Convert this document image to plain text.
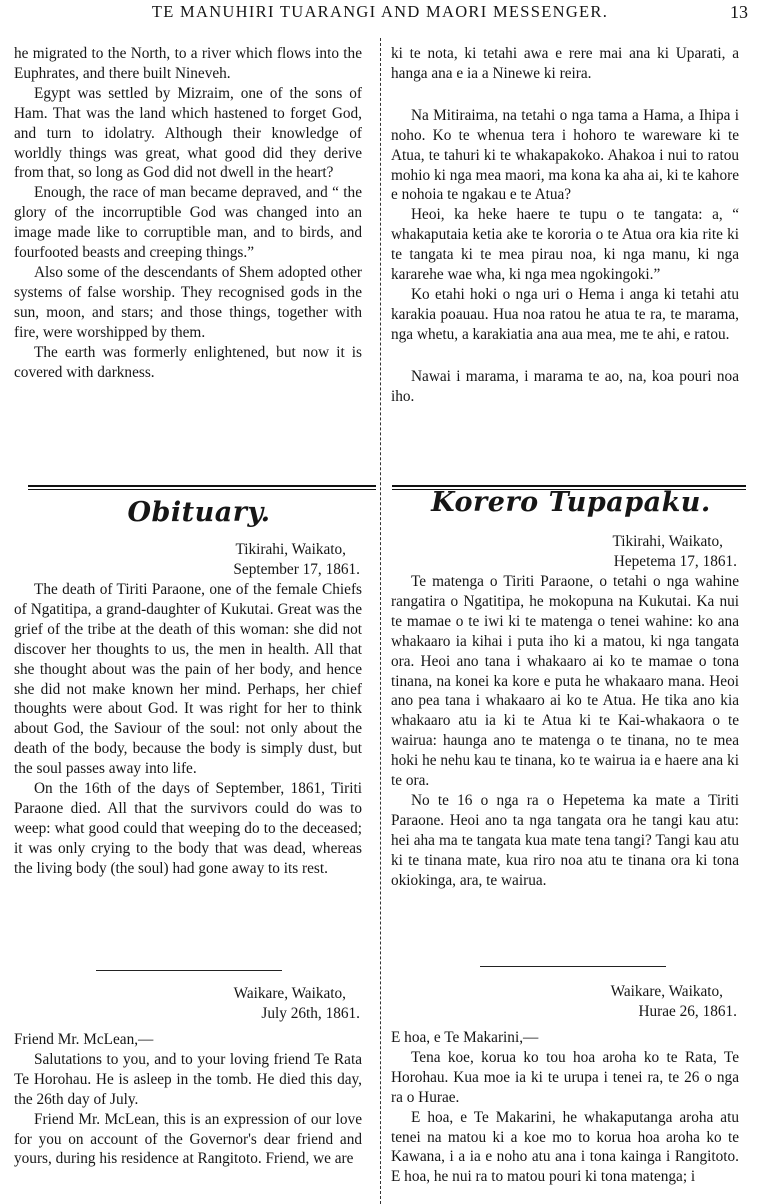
TE MANUHIRI TUARANGI AND MAORI MESSENGER.	13

he migrated to the North, to a river which flows into the Euphrates, and there built Nineveh.

Egypt was settled by Mizraim, one of the sons of Ham. That was the land which hastened to forget God, and turn to idolatry. Although their knowledge of worldly things was great, what good did they derive from that, so long as God did not dwell in the heart?

Enough, the race of man became depraved, and “ the glory of the incorruptible God was changed into an image made like to corruptible man, and to birds, and fourfooted beasts and creeping things.”

Also some of the descendants of Shem adopted other systems of false worship. They recognised gods in the sun, moon, and stars; and those things, together with fire, were worshipped by them.

The earth was formerly enlightened, but now it is covered with darkness.

ki te nota, ki tetahi awa e rere mai ana ki Uparati, a hanga ana e ia a Ninewe ki reira.

Na Mitiraima, na tetahi o nga tama a Hama, a Ihipa i noho. Ko te whenua tera i hohoro te wareware ki te Atua, te tahuri ki te whakapakoko. Ahakoa i nui to ratou mohio ki nga mea maori, ma kona ka aha ai, ki te kahore e nohoia te ngakau e te Atua?

Heoi, ka heke haere te tupu o te tangata: a, “ whakaputaia ketia ake te kororia o te Atua ora kia rite ki te tangata ki te mea pirau noa, ki nga manu, ki nga kararehe wae wha, ki nga mea ngokingoki.”

Ko etahi hoki o nga uri o Hema i anga ki tetahi atu karakia poauau. Hua noa ratou he atua te ra, te marama, nga whetu, a karakiatia ana aua mea, me te ahi, e ratou.

Nawai i marama, i marama te ao, na, koa pouri noa iho.

Obituary.	Korero Tupapaku.
Tikirahi, Waikato,
September 17, 1861.

The death of Tiriti Paraone, one of the female Chiefs of Ngatitipa, a grand-daughter of Kukutai. Great was the grief of the tribe at the death of this woman: she did not discover her thoughts to us, the men in health. All that she thought about was the pain of her body, and hence she did not make known her mind. Perhaps, her chief thoughts were about God. It was right for her to think about God, the Saviour of the soul: not only about the death of the body, because the body is simply dust, but the soul passes away into life.

On the 16th of the days of September, 1861, Tiriti Paraone died. All that the survivors could do was to weep: what good could that weeping do to the deceased; it was only crying to the body that was dead, whereas the living body (the soul) had gone away to its rest.

Tikirahi, Waikato,
Hepetema 17, 1861.

Te matenga o Tiriti Paraone, o tetahi o nga wahine rangatira o Ngatitipa, he mokopuna na Kukutai. Ka nui te mamae o te iwi ki te matenga o tenei wahine: ko ana whakaaro ia kihai i puta iho ki a matou, ki nga tangata ora. Heoi ano tana i whakaaro ai ko te mamae o tona tinana, na konei ka kore e puta he whakaaro mana. Heoi ano pea tana i whakaaro ai ko te Atua. He tika ano kia whakaaro atu ia ki te Atua ki te Kai-whakaora o te wairua: haunga ano te matenga o te tinana, no te mea hoki he nehu kau te tinana, ko te wairua ia e haere ana ki te ora.

No te 16 o nga ra o Hepetema ka mate a Tiriti Paraone. Heoi ano ta nga tangata ora he tangi kau atu: hei aha ma te tangata kua mate tena tangi? Tangi kau atu ki te tinana mate, kua riro noa atu te tinana ora ki tona okiokinga, ara, te wairua.

Waikare, Waikato,
July 26th, 1861.

Friend Mr. McLean,—

Salutations to you, and to your loving friend Te Rata Te Horohau. He is asleep in the tomb. He died this day, the 26th day of July.

Friend Mr. McLean, this is an expression of our love for you on account of the Governor's dear friend and yours, during his residence at Rangitoto. Friend, we are

Waikare, Waikato,
Hurae 26, 1861.

E hoa, e Te Makarini,—

Tena koe, korua ko tou hoa aroha ko te Rata, Te Horohau. Kua moe ia ki te urupa i tenei ra, te 26 o nga ra o Hurae.

E hoa, e Te Makarini, he whakaputanga aroha atu tenei na matou ki a koe mo to korua hoa aroha ko te Kawana, i a ia e noho atu ana i tona kainga i Rangitoto. E hoa, he nui ra to matou pouri ki tona matenga; i
